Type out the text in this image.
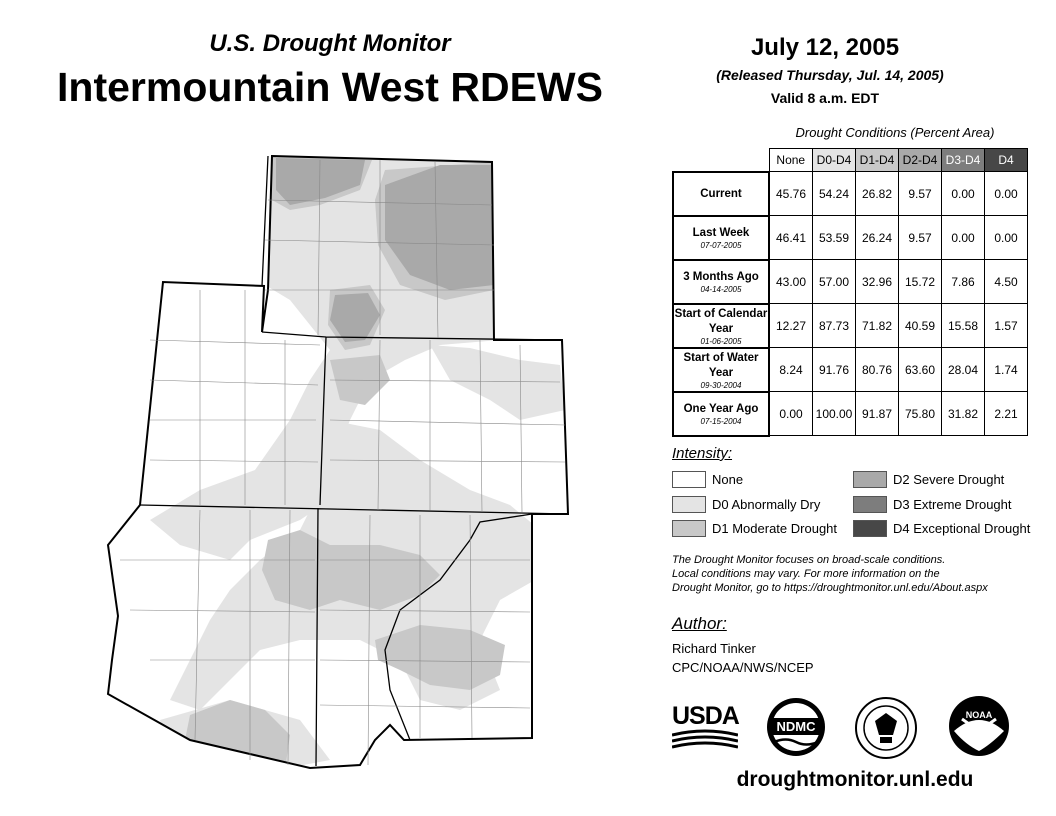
U.S. Drought Monitor
Intermountain West RDEWS
July 12, 2005
(Released Thursday, Jul. 14, 2005)
Valid 8 a.m. EDT
Drought Conditions (Percent Area)
	None	D0-D4	D1-D4	D2-D4	D3-D4	D4
Current	45.76	54.24	26.82	9.57	0.00	0.00
Last Week
07-07-2005	46.41	53.59	26.24	9.57	0.00	0.00
3 Months Ago
04-14-2005	43.00	57.00	32.96	15.72	7.86	4.50
Start of Calendar Year
01-06-2005	12.27	87.73	71.82	40.59	15.58	1.57
Start of Water Year
09-30-2004	8.24	91.76	80.76	63.60	28.04	1.74
One Year Ago
07-15-2004	0.00	100.00	91.87	75.80	31.82	2.21
Intensity:
None
D0 Abnormally Dry
D1 Moderate Drought
D2 Severe Drought
D3 Extreme Drought
D4 Exceptional Drought
The Drought Monitor focuses on broad-scale conditions.
Local conditions may vary. For more information on the
Drought Monitor, go to https://droughtmonitor.unl.edu/About.aspx
Author:
Richard Tinker
CPC/NOAA/NWS/NCEP
USDA	NDMC
NOAA
droughtmonitor.unl.edu
